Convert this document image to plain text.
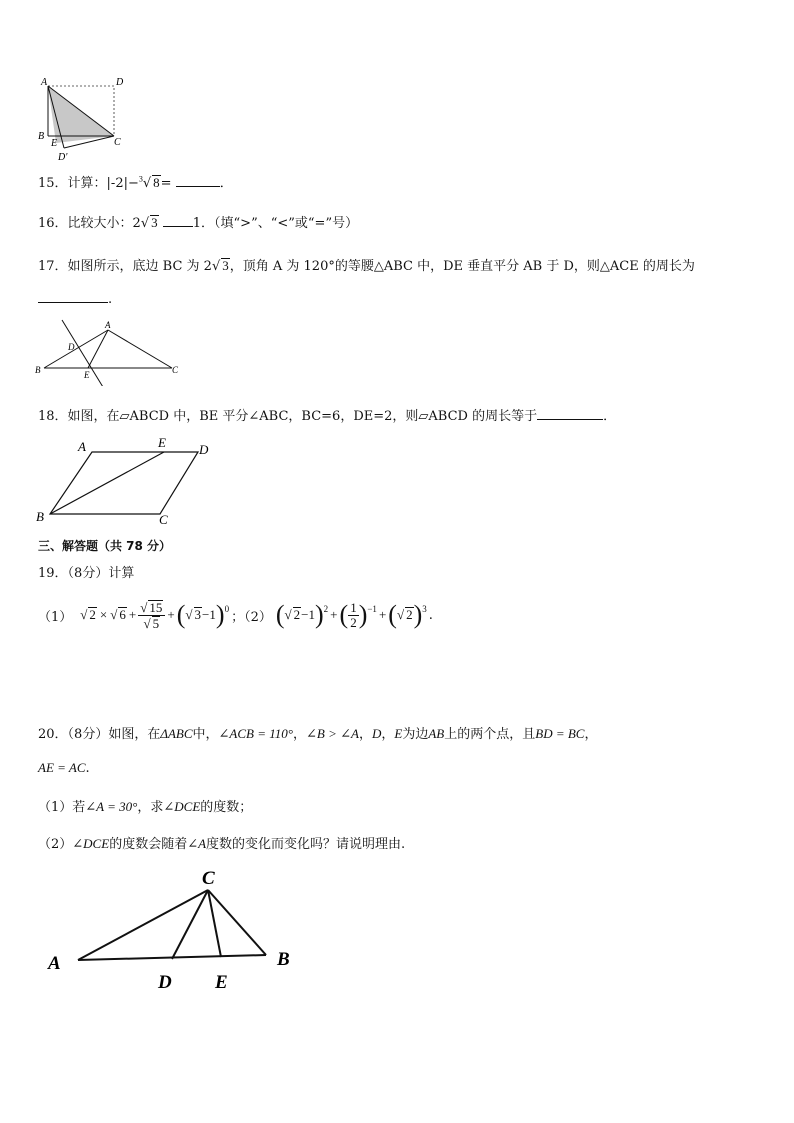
A	D
B
E	C
D'
15．计算：|-2|−$^3$√ 8=	．
16．比较大小：2√ 3	1．（填“>”、“<”或“=”号）
17．如图所示，底边 BC 为 2√ 3，顶角 A 为 120°的等腰△ABC 中，DE 垂直平分 AB 于 D，则△ACE 的周长为
.
A
D
B	E	C
18．如图，在▱ABCD 中，BE 平分∠ABC，BC=6，DE=2，则▱ABCD 的周长等于	．
A	E	D
B	C
三、解答题（共 78 分）
19．（8分）计算
（1） √ 2 × √ $6 + \frac{√ 15}{√ 5}$ + ( √ 3−1 ) 0
；（2） ( √ 2−1 ) 2 + ( $\frac{1}{2}$ ) −1 + ( √ 2 ) 3 .
20．（8分）如图，在ΔABC中，∠ACB = 110°，∠B > ∠A，D，E为边AB上的两个点，且BD = BC，
AE = AC.
（1）若∠A = 30°，求∠DCE的度数；
（2）∠DCE的度数会随着∠A度数的变化而变化吗？请说明理由.
C
A	B
D E
